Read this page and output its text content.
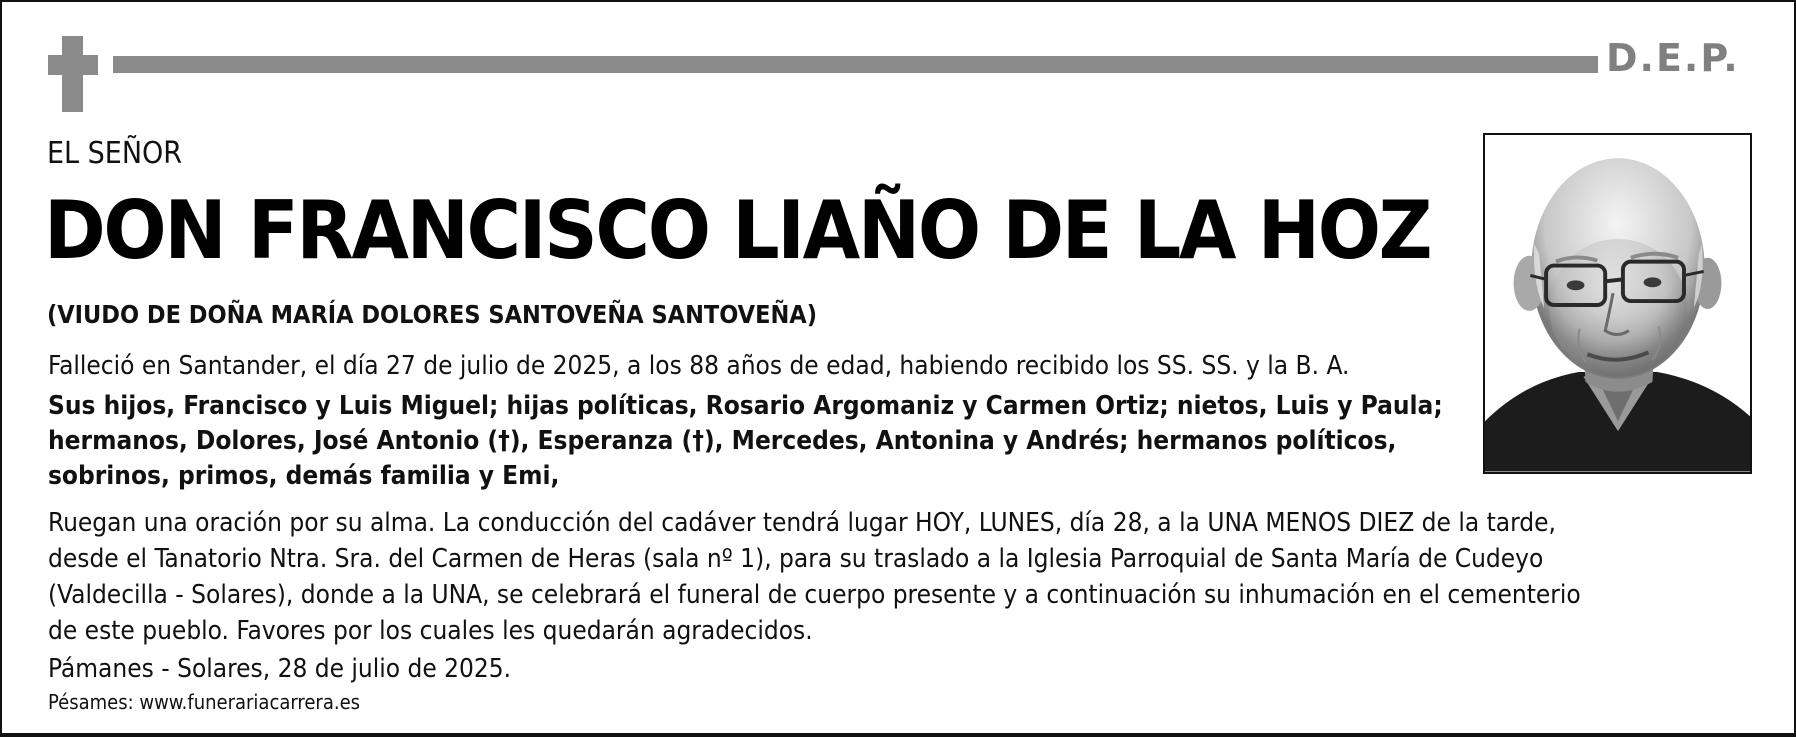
D.E.P.
EL SEÑOR
DON FRANCISCO LIAÑO DE LA HOZ
(VIUDO DE DOÑA MARÍA DOLORES SANTOVEÑA SANTOVEÑA)
Falleció en Santander, el día 27 de julio de 2025, a los 88 años de edad, habiendo recibido los SS. SS. y la B. A.
Sus hijos, Francisco y Luis Miguel; hijas políticas, Rosario Argomaniz y Carmen Ortiz; nietos, Luis y Paula;
hermanos, Dolores, José Antonio (†), Esperanza (†), Mercedes, Antonina y Andrés; hermanos políticos,
sobrinos, primos, demás familia y Emi,
Ruegan una oración por su alma. La conducción del cadáver tendrá lugar HOY, LUNES, día 28, a la UNA MENOS DIEZ de la tarde,
desde el Tanatorio Ntra. Sra. del Carmen de Heras (sala nº 1), para su traslado a la Iglesia Parroquial de Santa María de Cudeyo
(Valdecilla - Solares), donde a la UNA, se celebrará el funeral de cuerpo presente y a continuación su inhumación en el cementerio
de este pueblo. Favores por los cuales les quedarán agradecidos.
Pámanes - Solares, 28 de julio de 2025.
Pésames: www.funerariacarrera.es
